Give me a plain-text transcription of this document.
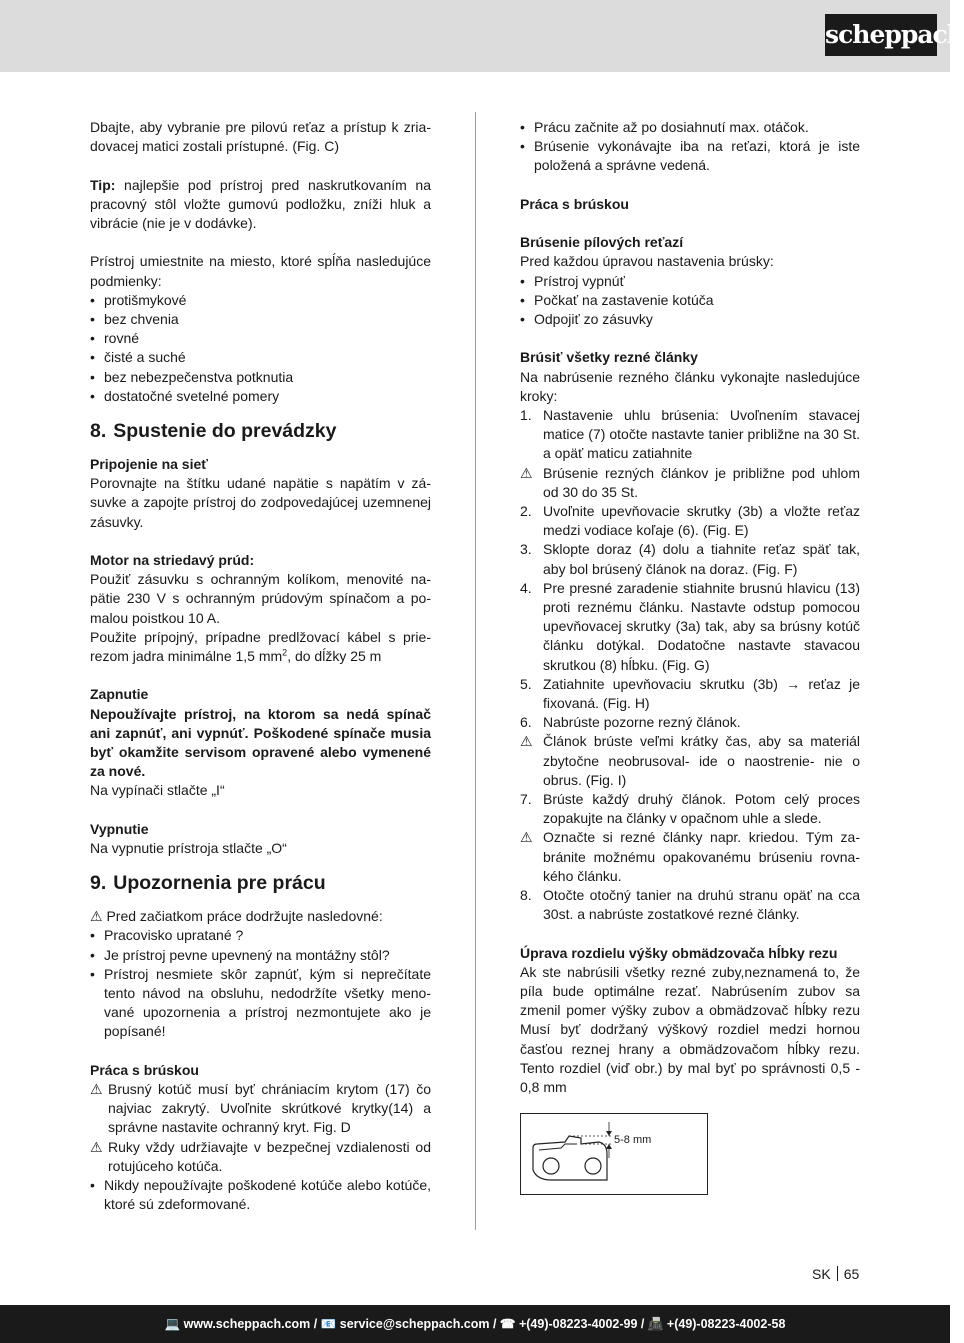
scheppach

Dbajte, aby vybranie pre pilovú reťaz a prístup k zriadovacej matici zostali prístupné. (Fig. C)

Tip: najlepšie pod prístroj pred naskrutkovaním na pracovný stôl vložte gumovú podložku, zníži hluk a vibrácie (nie je v dodávke).

Prístroj umiestnite na miesto, ktoré spĺňa nasledujúce podmienky:

• protišmykové
• bez chvenia
• rovné
• čisté a suché
• bez nebezpečenstva potknutia
• dostatočné svetelné pomery
8. Spustenie do prevádzky

Pripojenie na sieť

Porovnajte na štítku udané napätie s napätím v zásuvke a zapojte prístroj do zodpovedajúcej uzemnenej zásuvky.

Motor na striedavý prúd:

Použiť zásuvku s ochranným kolíkom, menovité napätie 230 V s ochranným prúdovým spínačom a pomalou poistkou 10 A.

Použite prípojný, prípadne predlžovací kábel s prierezom jadra minimálne 1,5 $mm^2$, do dĺžky 25 m

Zapnutie

Nepoužívajte prístroj, na ktorom sa nedá spínač ani zapnúť, ani vypnúť. Poškodené spínače musia byť okamžite servisom opravené alebo vymenené za nové.

Na vypínači stlačte „I“

Vypnutie

Na vypnutie prístroja stlačte „O“

9. Upozornenia pre prácu

⚠ Pred začiatkom práce dodržujte nasledovné:

• Pracovisko upratané ?
• Je prístroj pevne upevnený na montážny stôl?
• Prístroj nesmiete skôr zapnúť, kým si neprečítate tento návod na obsluhu, nedodržíte všetky menované upozornenia a prístroj nezmontujete ako je popísané!

Práca s brúskou

⚠ Brusný kotúč musí byť chrániacím krytom (17) čo najviac zakrytý. Uvoľnite skrútkové krytky(14) a správne nastavite ochranný kryt. Fig. D

⚠ Ruky vždy udržiavajte v bezpečnej vzdialenosti od rotujúceho kotúča.

• Nikdy nepoužívajte poškodené kotúče alebo kotúče, ktoré sú zdeformované.
• Prácu začnite až po dosiahnutí max. otáčok.
• Brúsenie vykonávajte iba na reťazi, ktorá je iste položená a správne vedená.

Práca s brúskou

Brúsenie pílových reťazí

Pred každou úpravou nastavenia brúsky:

• Prístroj vypnúť
• Počkať na zastavenie kotúča
• Odpojiť zo zásuvky

Brúsiť všetky rezné články

Na nabrúsenie rezného článku vykonajte nasledujúce kroky:

1. Nastavenie uhlu brúsenia: Uvoľnením stavacej matice (7) otočte nastavte tanier približne na 30 St. a opäť maticu zatiahnite
⚠ Brúsenie rezných článkov je približne pod uhlom od 30 do 35 St.
2. Uvoľnite upevňovacie skrutky (3b) a vložte reťaz medzi vodiace koľaje (6). (Fig. E)
3. Sklopte doraz (4) dolu a tiahnite reťaz späť tak, aby bol brúsený článok na doraz. (Fig. F)
4. Pre presné zaradenie stiahnite brusnú hlavicu (13) proti reznému článku. Nastavte odstup pomocou upevňovacej skrutky (3a) tak, aby sa brúsny kotúč článku dotýkal. Dodatočne nastavte stavacou skrutkou (8) hĺbku. (Fig. G)
5. Zatiahnite upevňovaciu skrutku (3b) → reťaz je fixovaná. (Fig. H)
6. Nabrúste pozorne rezný článok.
⚠ Článok brúste veľmi krátky čas, aby sa materiál zbytočne neobrusoval- ide o naostrenie- nie o obrus. (Fig. I)
7. Brúste každý druhý článok. Potom celý proces zopakujte na články v opačnom uhle a slede.
⚠ Označte si rezné články napr. kriedou. Tým zabránite možnému opakovanému brúseniu rovnakého článku.
8. Otočte otočný tanier na druhú stranu opäť na cca 30st. a nabrúste zostatkové rezné články.

Úprava rozdielu výšky obmädzovača hĺbky rezu

Ak ste nabrúsili všetky rezné zuby,neznamená to, že píla bude optimálne rezať. Nabrúsením zubov sa zmenil pomer výšky zubov a obmädzovač hĺbky rezu Musí byť dodržaný výškový rozdiel medzi hornou časťou reznej hrany a obmädzovačom hĺbky rezu. Tento rozdiel (viď obr.) by mal byť po správnosti 0,5 - 0,8 mm

5-8 mm
SK 65
💻 www.scheppach.com / 📧 service@scheppach.com / ☎ +(49)-08223-4002-99 / 📠 +(49)-08223-4002-58
